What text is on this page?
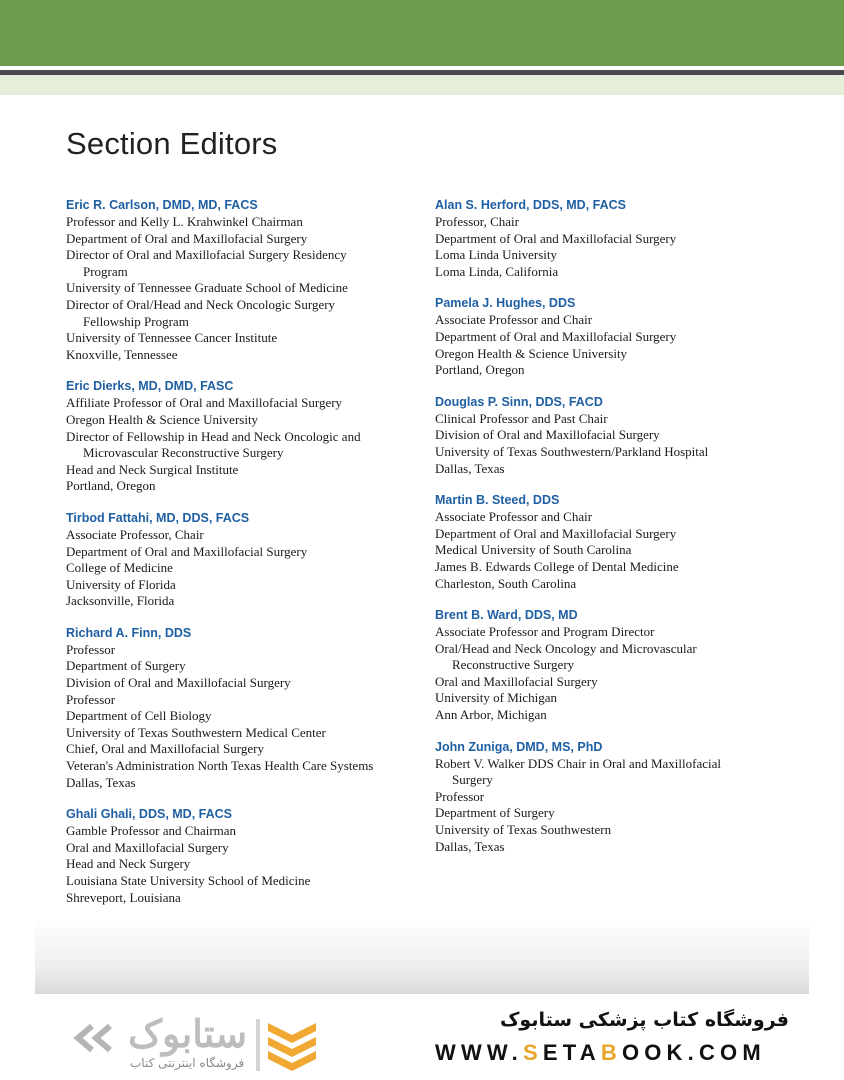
Section Editors
Eric R. Carlson, DMD, MD, FACS
Professor and Kelly L. Krahwinkel Chairman
Department of Oral and Maxillofacial Surgery
Director of Oral and Maxillofacial Surgery Residency
Program
University of Tennessee Graduate School of Medicine
Director of Oral/Head and Neck Oncologic Surgery
Fellowship Program
University of Tennessee Cancer Institute
Knoxville, Tennessee
Eric Dierks, MD, DMD, FASC
Affiliate Professor of Oral and Maxillofacial Surgery
Oregon Health & Science University
Director of Fellowship in Head and Neck Oncologic and
Microvascular Reconstructive Surgery
Head and Neck Surgical Institute
Portland, Oregon
Tirbod Fattahi, MD, DDS, FACS
Associate Professor, Chair
Department of Oral and Maxillofacial Surgery
College of Medicine
University of Florida
Jacksonville, Florida
Richard A. Finn, DDS
Professor
Department of Surgery
Division of Oral and Maxillofacial Surgery
Professor
Department of Cell Biology
University of Texas Southwestern Medical Center
Chief, Oral and Maxillofacial Surgery
Veteran's Administration North Texas Health Care Systems
Dallas, Texas
Ghali Ghali, DDS, MD, FACS
Gamble Professor and Chairman
Oral and Maxillofacial Surgery
Head and Neck Surgery
Louisiana State University School of Medicine
Shreveport, Louisiana
Alan S. Herford, DDS, MD, FACS
Professor, Chair
Department of Oral and Maxillofacial Surgery
Loma Linda University
Loma Linda, California
Pamela J. Hughes, DDS
Associate Professor and Chair
Department of Oral and Maxillofacial Surgery
Oregon Health & Science University
Portland, Oregon
Douglas P. Sinn, DDS, FACD
Clinical Professor and Past Chair
Division of Oral and Maxillofacial Surgery
University of Texas Southwestern/Parkland Hospital
Dallas, Texas
Martin B. Steed, DDS
Associate Professor and Chair
Department of Oral and Maxillofacial Surgery
Medical University of South Carolina
James B. Edwards College of Dental Medicine
Charleston, South Carolina
Brent B. Ward, DDS, MD
Associate Professor and Program Director
Oral/Head and Neck Oncology and Microvascular
Reconstructive Surgery
Oral and Maxillofacial Surgery
University of Michigan
Ann Arbor, Michigan
John Zuniga, DMD, MS, PhD
Robert V. Walker DDS Chair in Oral and Maxillofacial
Surgery
Professor
Department of Surgery
University of Texas Southwestern
Dallas, Texas
ستابوک
فروشگاه اینترنتی کتاب
فروشگاه کتاب پزشکی ستابوک
WWW.SETABOOK.COM
